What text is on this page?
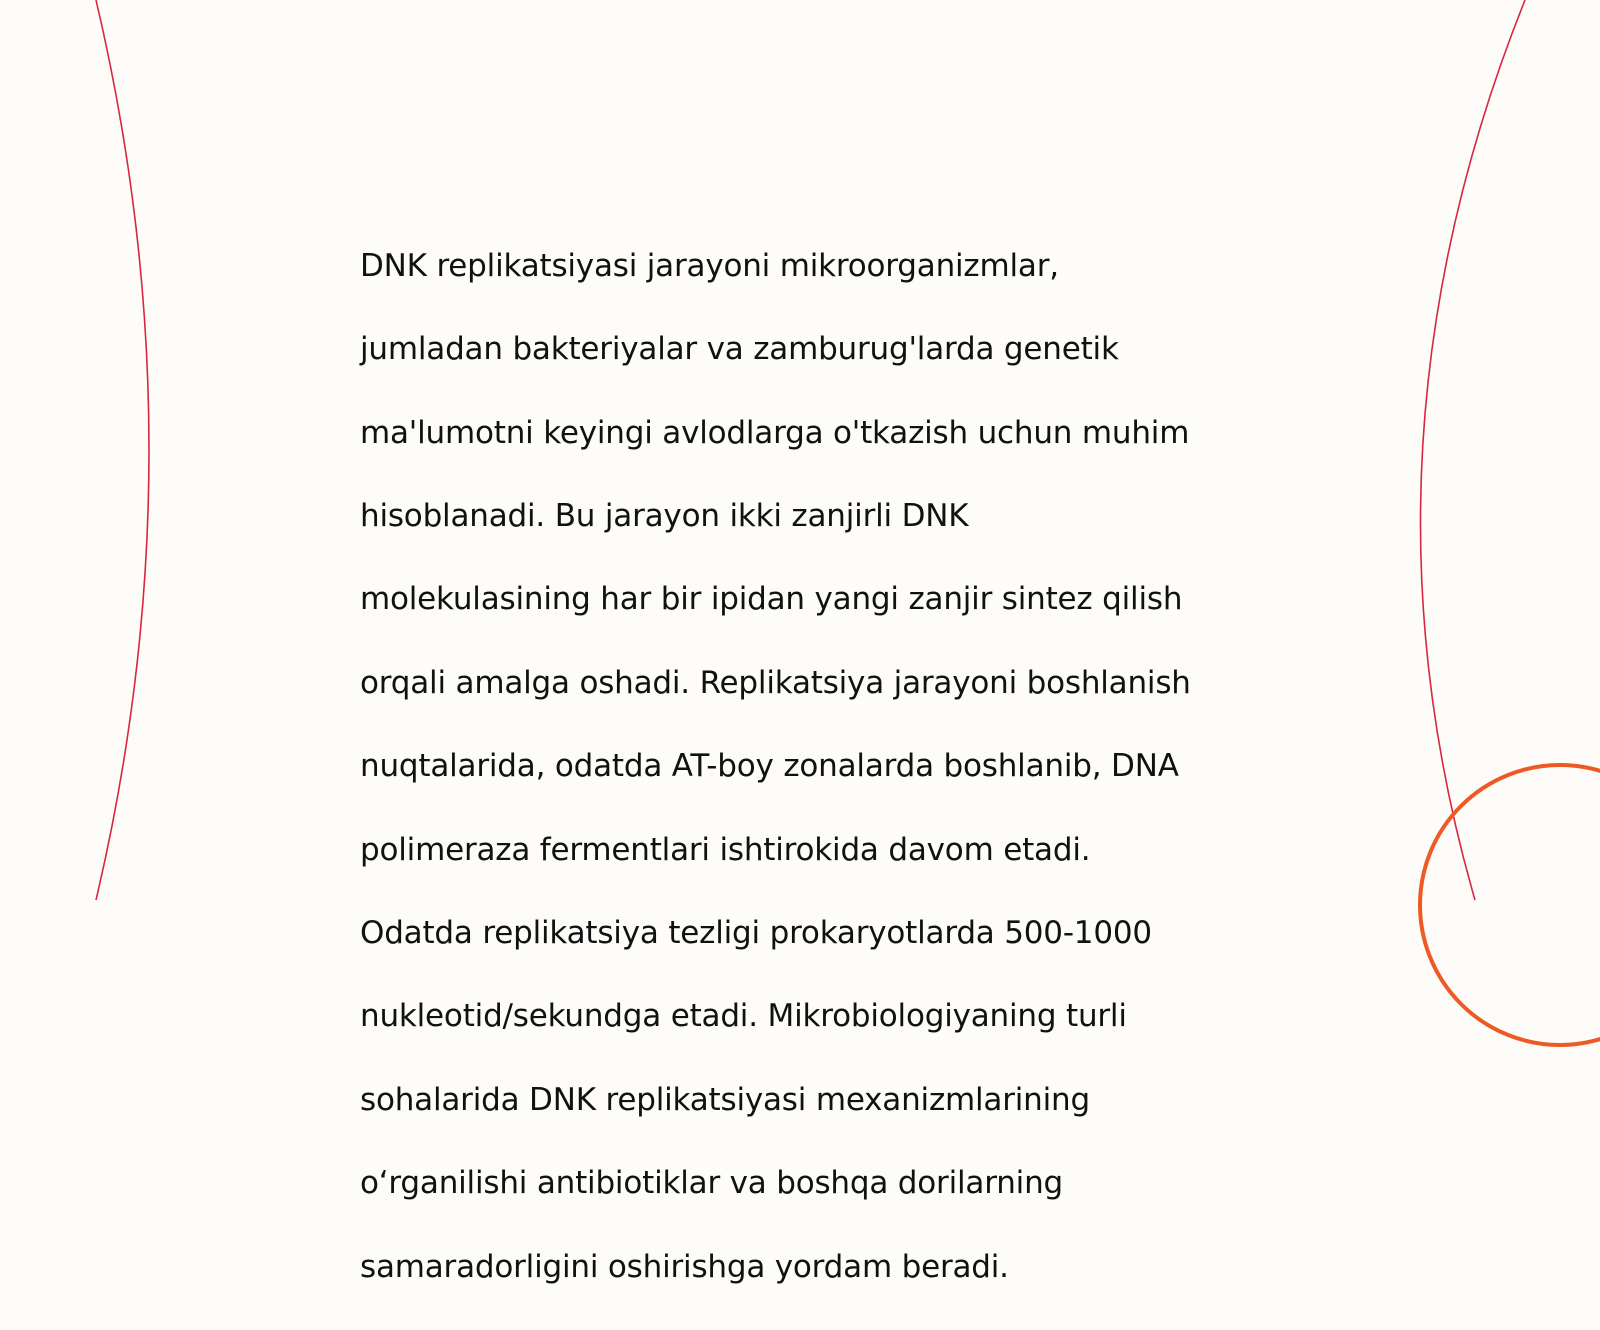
DNK replikatsiyasi jarayoni mikroorganizmlar,

jumladan bakteriyalar va zamburug'larda genetik

ma'lumotni keyingi avlodlarga o'tkazish uchun muhim

hisoblanadi. Bu jarayon ikki zanjirli DNK

molekulasining har bir ipidan yangi zanjir sintez qilish

orqali amalga oshadi. Replikatsiya jarayoni boshlanish

nuqtalarida, odatda AT-boy zonalarda boshlanib, DNA

polimeraza fermentlari ishtirokida davom etadi.

Odatda replikatsiya tezligi prokaryotlarda 500-1000

nukleotid/sekundga etadi. Mikrobiologiyaning turli

sohalarida DNK replikatsiyasi mexanizmlarining

o‘rganilishi antibiotiklar va boshqa dorilarning

samaradorligini oshirishga yordam beradi.
